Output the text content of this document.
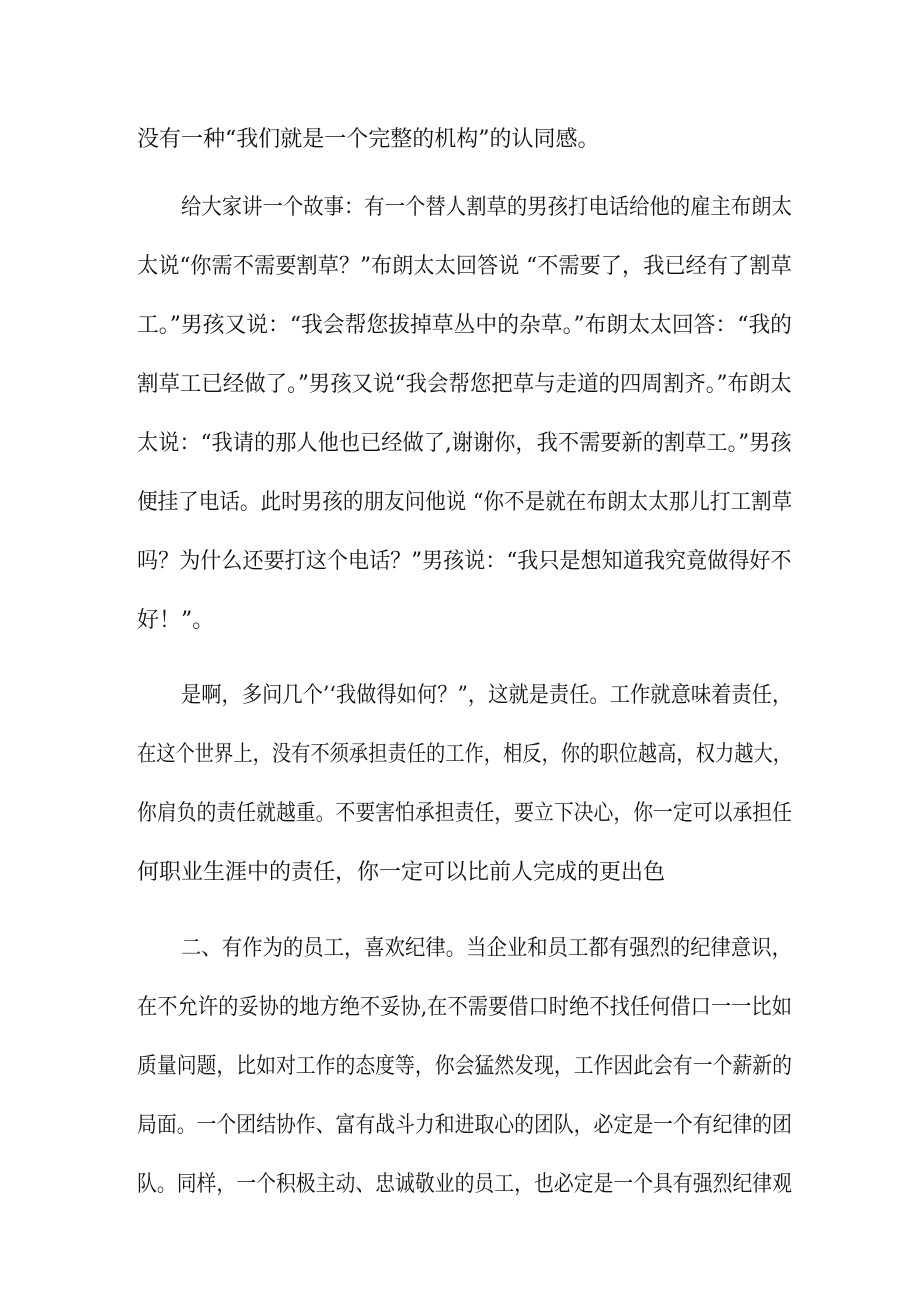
没有一种“我们就是一个完整的机构”的认同感。
给大家讲一个故事：有一个替人割草的男孩打电话给他的雇主布朗太
太说“你需不需要割草？”布朗太太回答说 “不需要了，我已经有了割草
工。”男孩又说：“我会帮您拔掉草丛中的杂草。”布朗太太回答：“我的
割草工已经做了。”男孩又说“我会帮您把草与走道的四周割齐。”布朗太
太说：“我请的那人他也已经做了,谢谢你，我不需要新的割草工。”男孩
便挂了电话。此时男孩的朋友问他说 “你不是就在布朗太太那儿打工割草
吗？为什么还要打这个电话？”男孩说：“我只是想知道我究竟做得好不
好！”。
是啊，多问几个’‘我做得如何？”，这就是责任。工作就意味着责任，
在这个世界上，没有不须承担责任的工作，相反，你的职位越高，权力越大，
你肩负的责任就越重。不要害怕承担责任，要立下决心，你一定可以承担任
何职业生涯中的责任，你一定可以比前人完成的更出色
二、有作为的员工，喜欢纪律。当企业和员工都有强烈的纪律意识，
在不允许的妥协的地方绝不妥协,在不需要借口时绝不找任何借口一一比如
质量问题，比如对工作的态度等，你会猛然发现，工作因此会有一个薪新的
局面。一个团结协作、富有战斗力和进取心的团队，必定是一个有纪律的团
队。同样，一个积极主动、忠诚敬业的员工，也必定是一个具有强烈纪律观
